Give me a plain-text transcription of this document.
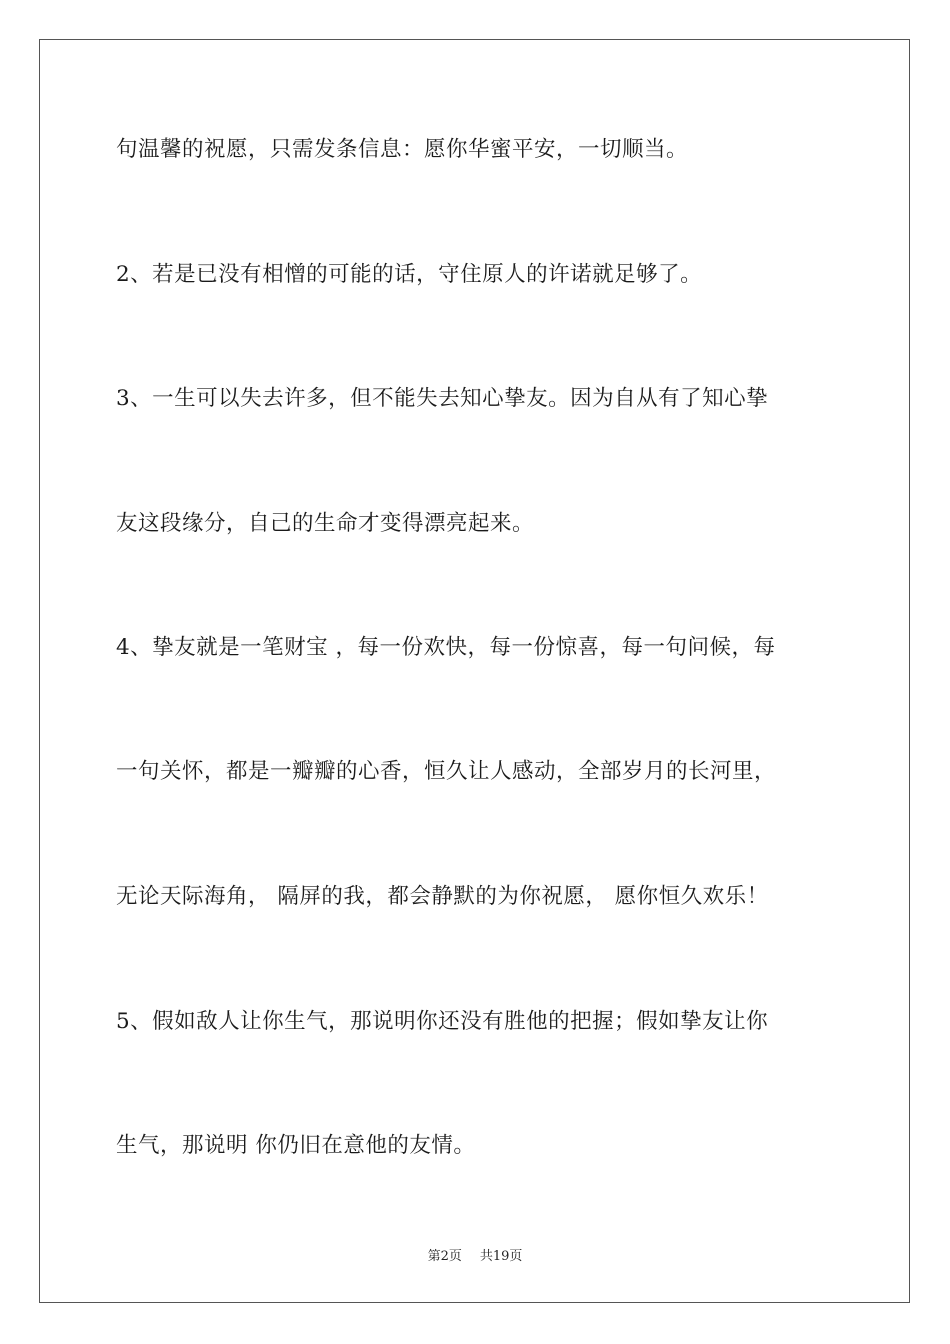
句温馨的祝愿，只需发条信息：愿你华蜜平安，一切顺当。

2、若是已没有相憎的可能的话，守住原人的许诺就足够了。

3、一生可以失去许多，但不能失去知心挚友。因为自从有了知心挚

友这段缘分，自己的生命才变得漂亮起来。

4、挚友就是一笔财宝 ，每一份欢快，每一份惊喜，每一句问候，每

一句关怀，都是一瓣瓣的心香，恒久让人感动，全部岁月的长河里，

无论天际海角， 隔屏的我，都会静默的为你祝愿， 愿你恒久欢乐！

5、假如敌人让你生气，那说明你还没有胜他的把握；假如挚友让你

生气，那说明 你仍旧在意他的友情。

第2页 共19页
